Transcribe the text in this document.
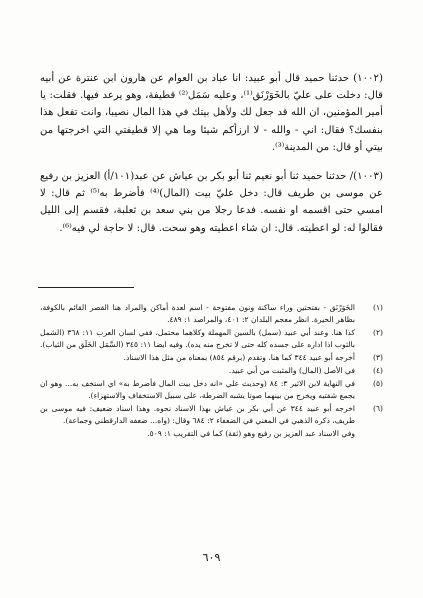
(١٠٠٢) حدثنا حميد قال أبو عبيد: انا عباد بن العوام عن هارون ابن عنترة عن أبيه قال: دخلت على عليّ بالخَوَرْنَق⁽¹⁾، وعليه سَمَل⁽²⁾ قطيفة، وهو يرعد فيها. فقلت: يا أمير المؤمنين، ان الله قد جعل لك ولأهل بيتك في هذا المال نصيبا، وانت تفعل هذا بنفسك؟ فقال: اني - والله - لا ارزأكم شيئا وما هي إلا قطيفتي التي اخرجتها من بيتي أو قال: من المدينة⁽³⁾.

(١٠٠٣)/ حدثنا حميد ثنا أبو نعيم ثنا أبو بكر بن عياش عن عبد(١٠١/أ) العزيز بن رفيع عن موسى بن طريف قال: دخل عليّ بيت (المال)⁽⁴⁾ فأضرط به⁽⁵⁾ ثم قال: لا امسي حتى اقسمه او نفسه. فدعا رجلا من بني سعد بن ثعلبة، فقسم إلى الليل فقالوا له: لو اعطيته. قال: ان شاء اعطيته وهو سحت. قال: لا حاجة لي فيه⁽⁶⁾.

(١)
الخَوَرْنَق - بفتحتين وراء ساكنة ونون مفتوحة - اسم لعدة أماكن والمراد هنا القصر القائم بالكوفة، بظاهر الحيرة. انظر معجم البلدان ٢: ٤٠١، والمراصد ١: ٤٨٩.
(٢)
كذا هنا. وعند أبي عبيد (سمل) بالسين المهملة وكلاهما محتمل، ففي لسان العرب ١١: ٣٦٨ (الشمل بالثوب اذا اداره على جسده كله حتى لا تخرج منه يده). وفيه ايضا ١١: ٣٤٥ (السَّمَل الخَلَق من الثياب).
(٣)
أخرجه أبو عبيد ٣٤٤ كما هنا. وتقدم (برقم ٨٥٤) بمعناه من مثل هذا الاسناد.
(٤)
في الأصل (المال) والمثبت من أبي عبيد.
(٥)
في النهاية لابن الاثير ٣: ٨٤ (وحديث علي «انه دخل بيت المال فأضرط به» اي استخف به... وهو ان يجمع شفتيه ويخرج من بينهما صوتا يشبه الضرطة، على سبيل الاستخفاف والاستهزاء).
(٦)
اخرجه أبو عبيد ٣٤٤ عن أبي بكر بن عياش بهذا الاسناد نحوه. وهذا اسناد ضعيف: فيه موسى بن طريف، ذكره الذهبي في المغني في الضعفاء ٢: ٦٨٤ وقال: (واه... ضعفه الدارقطني وجماعة).

وفي الاسناد عبد العزيز بن رفيع وهو (ثقة) كما في التقريب ١: ٥٠٩.

٦٠٩
